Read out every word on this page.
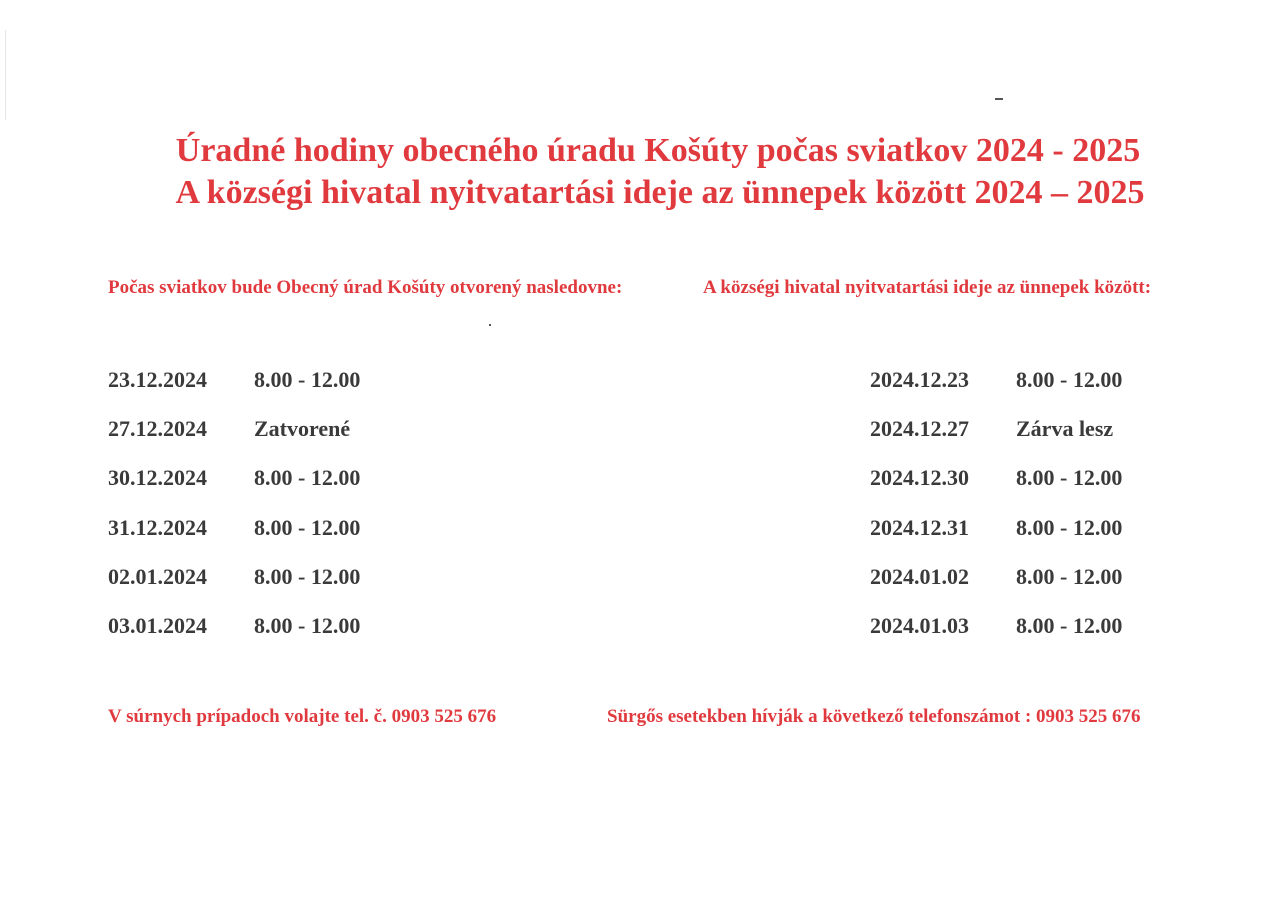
Úradné hodiny obecného úradu Košúty počas sviatkov 2024 - 2025
A községi hivatal nyitvatartási ideje az ünnepek között 2024 – 2025
Počas sviatkov bude Obecný úrad Košúty otvorený nasledovne:	A községi hivatal nyitvatartási ideje az ünnepek között:
23.12.2024 8.00 - 12.00
27.12.2024 Zatvorené
30.12.2024 8.00 - 12.00
31.12.2024 8.00 - 12.00
02.01.2024 8.00 - 12.00
03.01.2024 8.00 - 12.00
2024.12.23 8.00 - 12.00
2024.12.27 Zárva lesz
2024.12.30 8.00 - 12.00
2024.12.31 8.00 - 12.00
2024.01.02 8.00 - 12.00
2024.01.03 8.00 - 12.00
V súrnych prípadoch volajte tel. č. 0903 525 676	Sürgős esetekben hívják a következő telefonszámot : 0903 525 676
